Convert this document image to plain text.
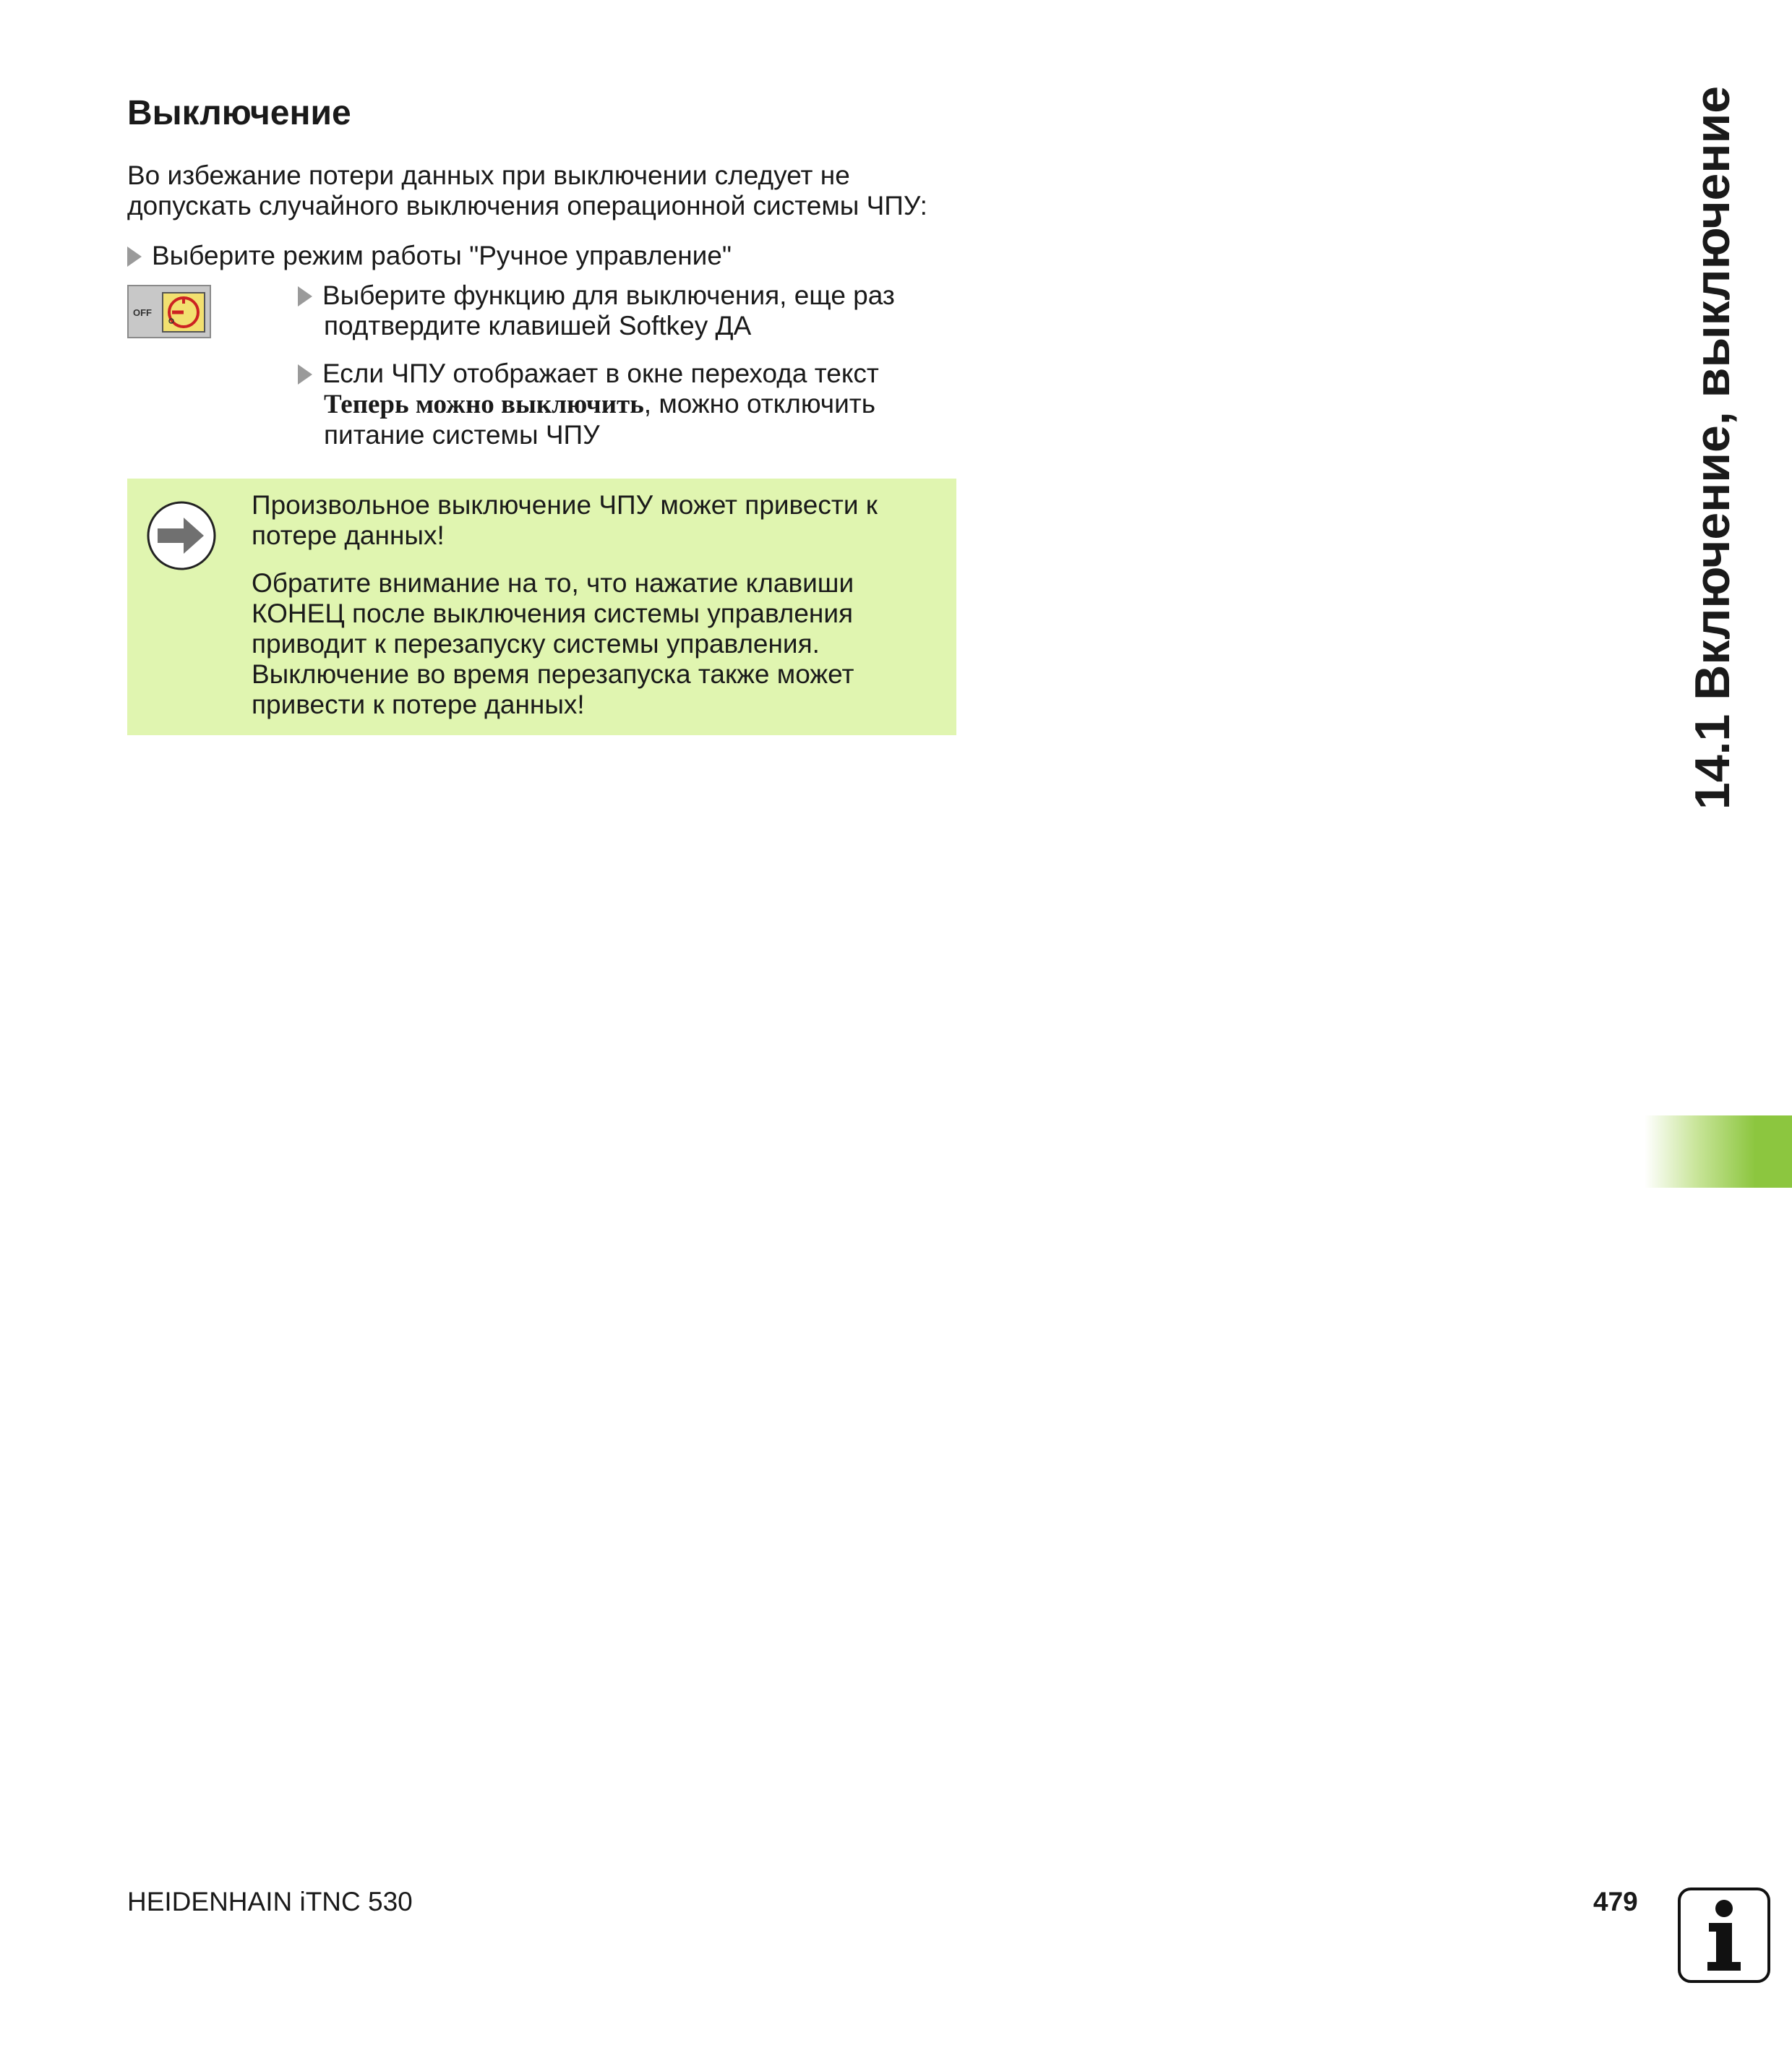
Выключение

Во избежание потери данных при выключении следует не
допускать случайного выключения операционной системы ЧПУ:

Выберите режим работы "Ручное управление"
OFF
Выберите функцию для выключения, еще раз
подтвердите клавишей Softkey ДА
Если ЧПУ отображает в окне перехода текст
Теперь можно выключить, можно отключить
питание системы ЧПУ

Произвольное выключение ЧПУ может привести к потере данных!

Обратите внимание на то, что нажатие клавиши КОНЕЦ после выключения системы управления приводит к перезапуску системы управления. Выключение во время перезапуска также может привести к потере данных!	14.1 Включение, выключение
HEIDENHAIN iTNC 530	479
